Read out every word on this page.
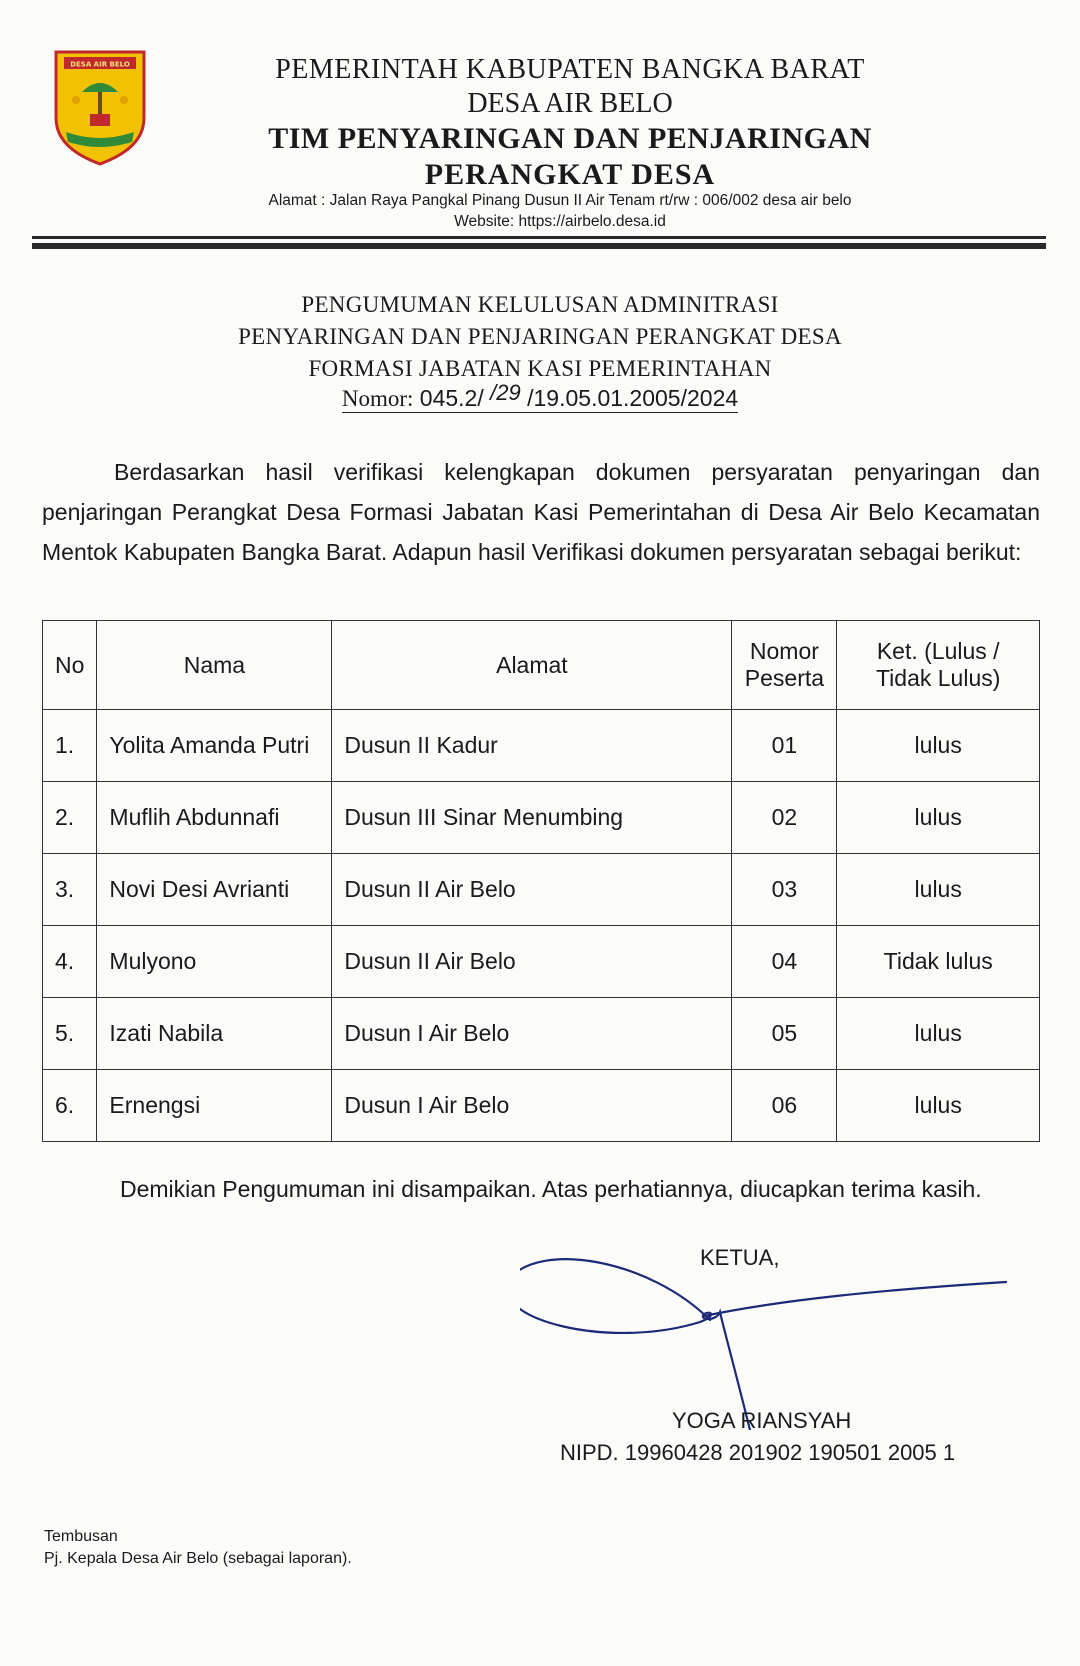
DESA AIR BELO	PEMERINTAH KABUPATEN BANGKA BARAT
DESA AIR BELO
TIM PENYARINGAN DAN PENJARINGAN
PERANGKAT DESA
Alamat : Jalan Raya Pangkal Pinang Dusun II Air Tenam rt/rw : 006/002 desa air belo
Website: https://airbelo.desa.id
PENGUMUMAN KELULUSAN ADMINITRASI
PENYARINGAN DAN PENJARINGAN PERANGKAT DESA
FORMASI JABATAN KASI PEMERINTAHAN
Nomor: 045.2/ /29 /19.05.01.2005/2024
Berdasarkan hasil verifikasi kelengkapan dokumen persyaratan penyaringan dan penjaringan Perangkat Desa Formasi Jabatan Kasi Pemerintahan di Desa Air Belo Kecamatan Mentok Kabupaten Bangka Barat. Adapun hasil Verifikasi dokumen persyaratan sebagai berikut:
No	Nama	Alamat	Nomor Peserta	Ket. (Lulus / Tidak Lulus)
1.	Yolita Amanda Putri	Dusun II Kadur	01	lulus
2.	Muflih Abdunnafi	Dusun III Sinar Menumbing	02	lulus
3.	Novi Desi Avrianti	Dusun II Air Belo	03	lulus
4.	Mulyono	Dusun II Air Belo	04	Tidak lulus
5.	Izati Nabila	Dusun I Air Belo	05	lulus
6.	Ernengsi	Dusun I Air Belo	06	lulus
Demikian Pengumuman ini disampaikan. Atas perhatiannya, diucapkan terima kasih.
KETUA,
YOGA RIANSYAH
NIPD. 19960428 201902 190501 2005 1
Tembusan
Pj. Kepala Desa Air Belo (sebagai laporan).
